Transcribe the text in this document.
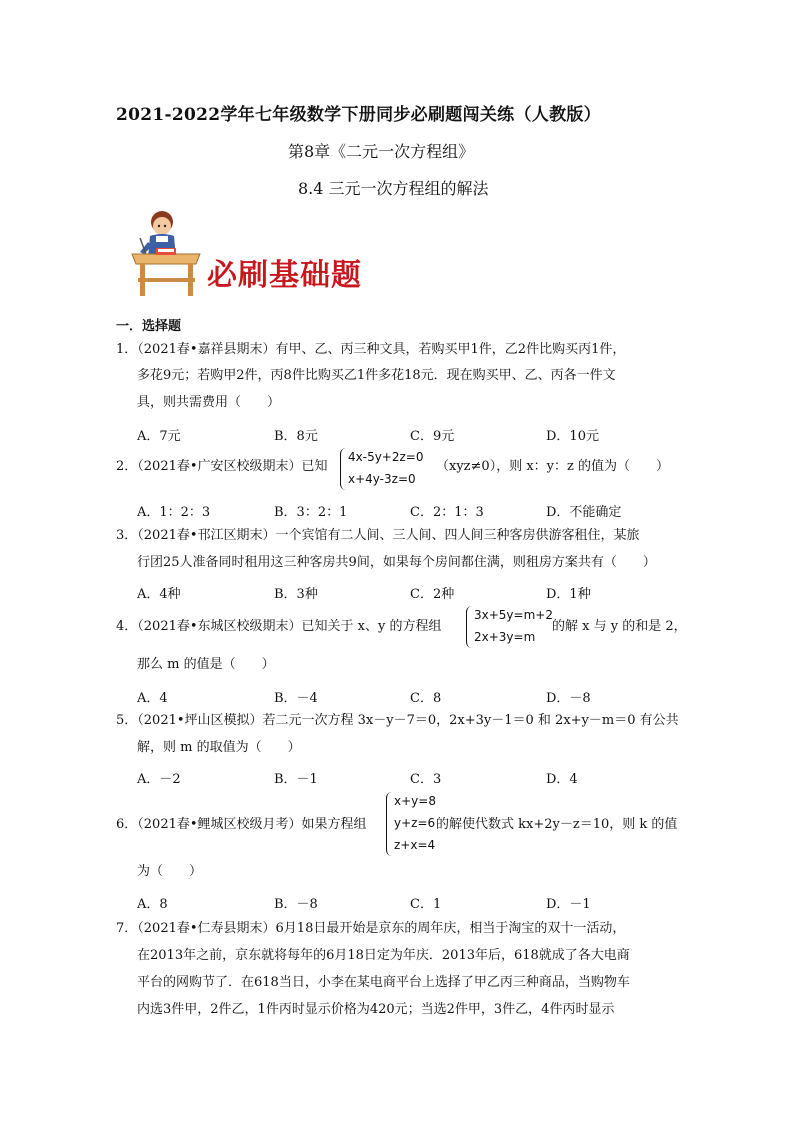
2021-2022学年七年级数学下册同步必刷题闯关练（人教版）
第8章《二元一次方程组》
8.4 三元一次方程组的解法
必刷基础题
一．选择题
1．（2021春•嘉祥县期末）有甲、乙、丙三种文具，若购买甲1件，乙2件比购买丙1件，
多花9元；若购甲2件，丙8件比购买乙1件多花18元．现在购买甲、乙、丙各一件文
具，则共需费用（　　）
A．7元	B．8元	C．9元	D．10元
2．（2021春•广安区校级期末）已知
4x-5y+2z=0
x+4y-3z=0
（xyz≠0），则 x：y：z 的值为（　　）
A．1：2：3	B．3：2：1	C．2：1：3	D．不能确定
3．（2021春•邗江区期末）一个宾馆有二人间、三人间、四人间三种客房供游客租住，某旅
行团25人准备同时租用这三种客房共9间，如果每个房间都住满，则租房方案共有（　　）
A．4种	B．3种	C．2种	D．1种
4．（2021春•东城区校级期末）已知关于 x、y 的方程组
3x+5y=m+2
2x+3y=m
的解 x 与 y 的和是 2，
那么 m 的值是（　　）
A．4	B．－4	C．8	D．－8
5．（2021•坪山区模拟）若二元一次方程 3x－y－7＝0，2x+3y－1＝0 和 2x+y－m＝0 有公共
解，则 m 的取值为（　　）
A．－2	B．－1	C．3	D．4
6．（2021春•鲤城区校级月考）如果方程组
x+y=8
y+z=6
z+x=4
的解使代数式 kx+2y－z＝10，则 k 的值
为（　　）
A．8	B．－8	C．1	D．－1
7．（2021春•仁寿县期末）6月18日最开始是京东的周年庆，相当于淘宝的双十一活动，
在2013年之前，京东就将每年的6月18日定为年庆．2013年后，618就成了各大电商
平台的网购节了．在618当日，小李在某电商平台上选择了甲乙丙三种商品，当购物车
内选3件甲，2件乙，1件丙时显示价格为420元；当选2件甲，3件乙，4件丙时显示
